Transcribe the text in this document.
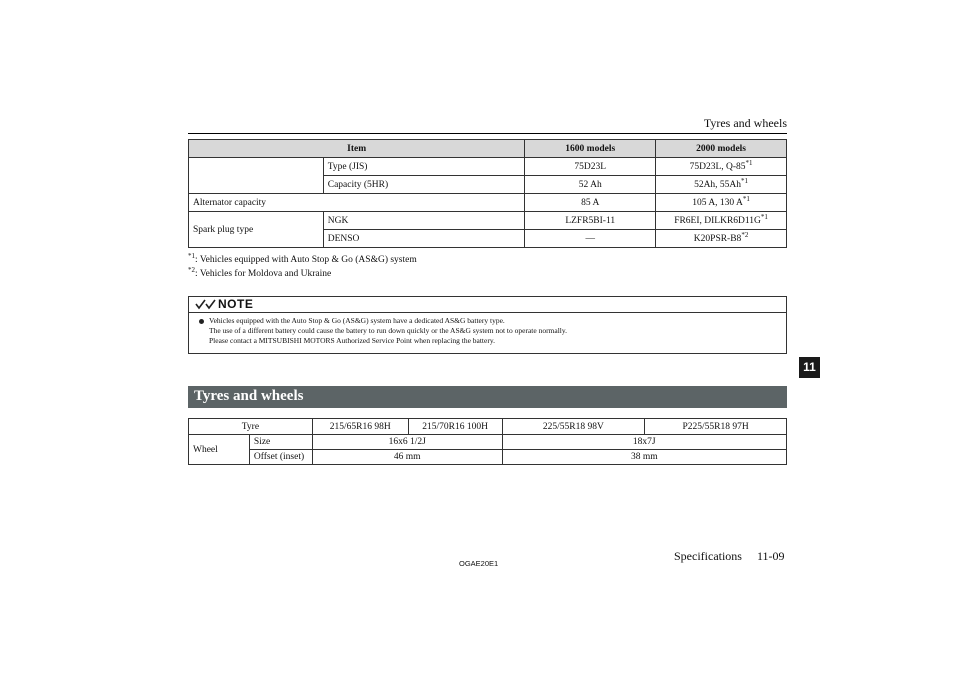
Tyres and wheels
Item		1600 models	2000 models
	Type (JIS)	75D23L	75D23L, Q-85$^{*1}$
	Capacity (5HR)	52 Ah	52Ah, 55Ah$^{*1}$
Alternator capacity		85 A	105 A, 130 $A^{*1}$
Spark plug type	NGK	LZFR5BI-11	FR6EI, $DILKR6D11G^{*1}$
	DENSO	—	K20PSR-B8$^{*2}$
$^{*1}$: Vehicles equipped with Auto Stop & Go (AS&G) system
$^{*2}$: Vehicles for Moldova and Ukraine
NOTE
Vehicles equipped with the Auto Stop & Go (AS&G) system have a dedicated AS&G battery type.
The use of a different battery could cause the battery to run down quickly or the AS&G system not to operate normally.
Please contact a MITSUBISHI MOTORS Authorized Service Point when replacing the battery.
Tyres and wheels
Tyre		215/65R16 98H	215/70R16 100H	225/55R18 98V	P225/55R18 97H
Wheel	Size	16x6 1/2J		18x7J	
	Offset (inset)	46 mm		38 mm	
11
OGAE20E1
Specifications 11-09
